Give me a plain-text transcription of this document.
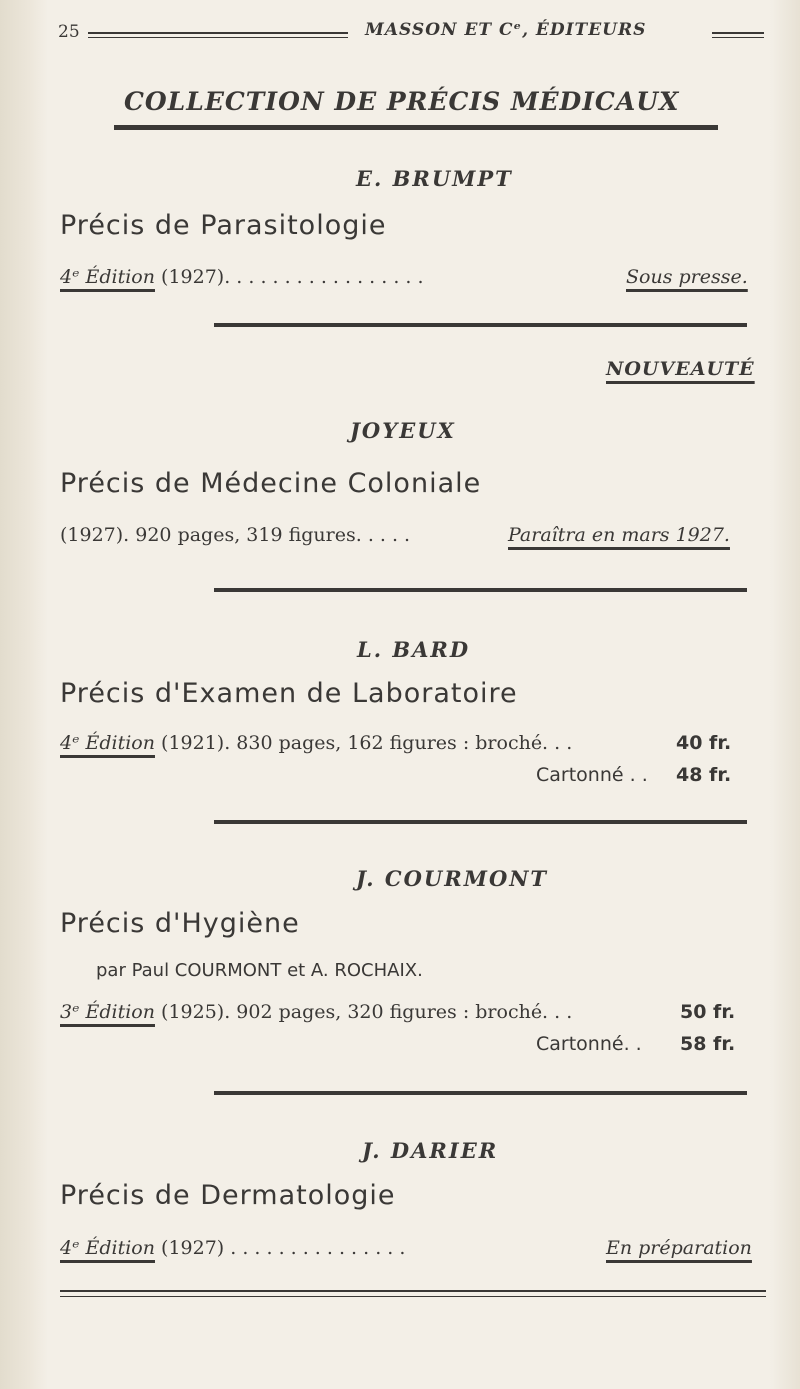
25	MASSON ET Cᵉ, ÉDITEURS
COLLECTION DE PRÉCIS MÉDICAUX
E. BRUMPT
Précis de Parasitologie
4ᵉ Édition (1927). . . . . . . . . . . . . . . . .	Sous presse.
NOUVEAUTÉ
JOYEUX
Précis de Médecine Coloniale
(1927). 920 pages, 319 figures. . . . .	Paraîtra en mars 1927.
L. BARD
Précis d'Examen de Laboratoire
4ᵉ Édition (1921). 830 pages, 162 figures : broché. . .	40 fr.
Cartonné . . 48 fr.
J. COURMONT
Précis d'Hygiène
par Paul COURMONT et A. ROCHAIX.
3ᵉ Édition (1925). 902 pages, 320 figures : broché. . .	50 fr.
Cartonné. . 58 fr.
J. DARIER
Précis de Dermatologie
4ᵉ Édition (1927) . . . . . . . . . . . . . . .	En préparation
